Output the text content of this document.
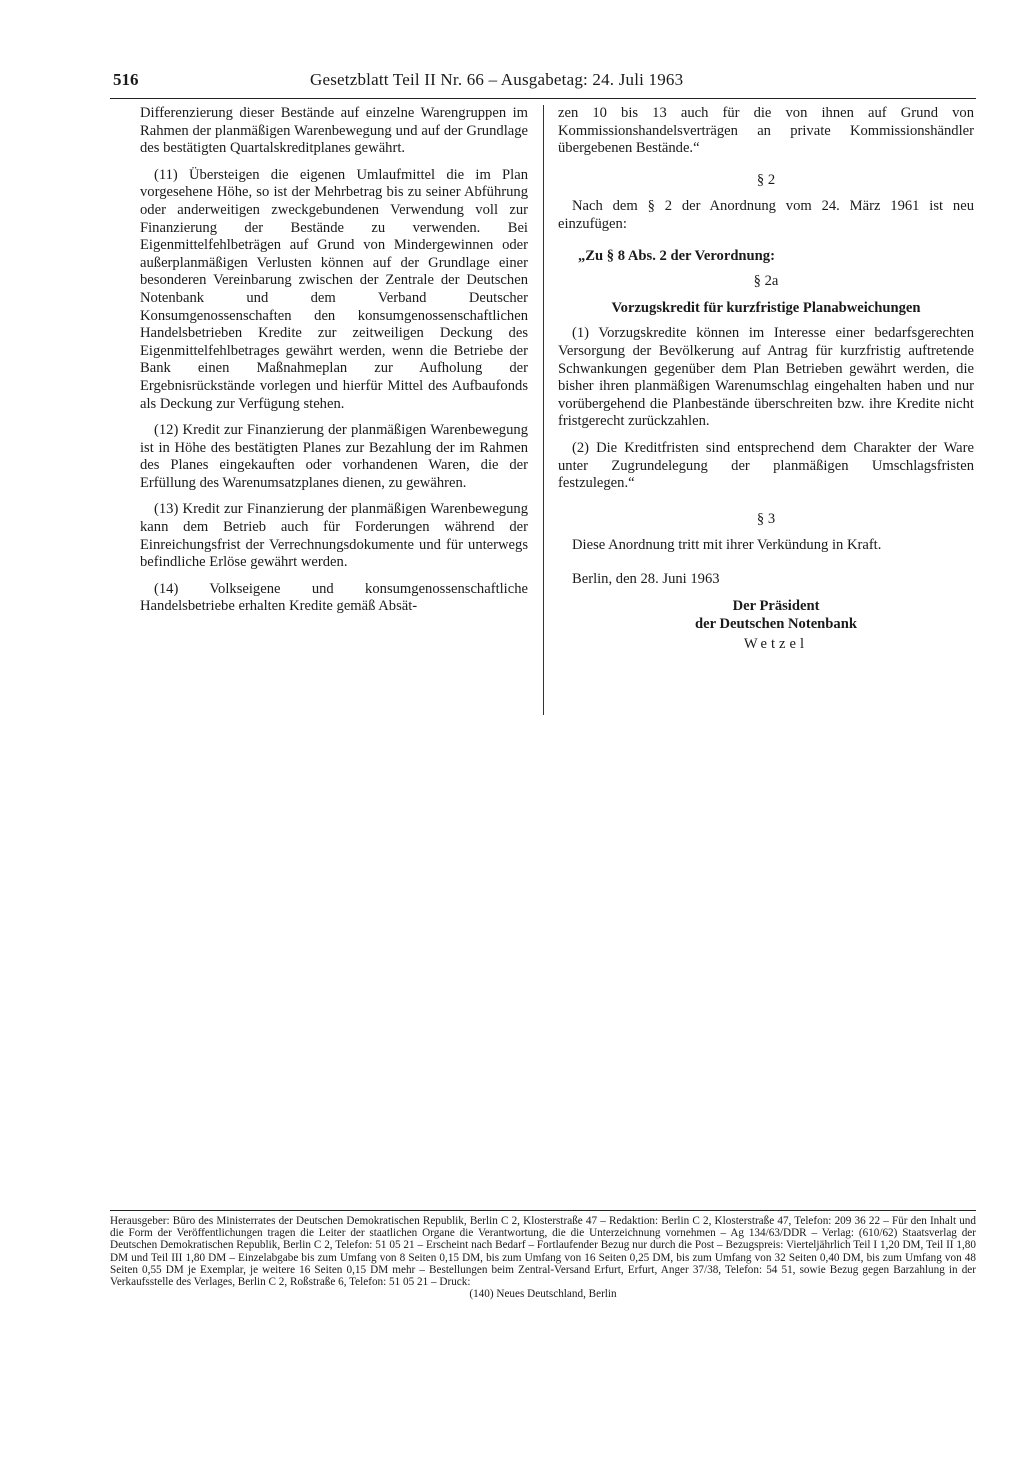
516	Gesetzblatt Teil II Nr. 66 – Ausgabetag: 24. Juli 1963

Differenzierung dieser Bestände auf einzelne Warengruppen im Rahmen der planmäßigen Warenbewegung und auf der Grundlage des bestätigten Quartalskreditplanes gewährt.

(11) Übersteigen die eigenen Umlaufmittel die im Plan vorgesehene Höhe, so ist der Mehrbetrag bis zu seiner Abführung oder anderweitigen zweckgebundenen Verwendung voll zur Finanzierung der Bestände zu verwenden. Bei Eigenmittelfehlbeträgen auf Grund von Mindergewinnen oder außerplanmäßigen Verlusten können auf der Grundlage einer besonderen Vereinbarung zwischen der Zentrale der Deutschen Notenbank und dem Verband Deutscher Konsumgenossenschaften den konsumgenossenschaftlichen Handelsbetrieben Kredite zur zeitweiligen Deckung des Eigenmittelfehlbetrages gewährt werden, wenn die Betriebe der Bank einen Maßnahmeplan zur Aufholung der Ergebnisrückstände vorlegen und hierfür Mittel des Aufbaufonds als Deckung zur Verfügung stehen.

(12) Kredit zur Finanzierung der planmäßigen Warenbewegung ist in Höhe des bestätigten Planes zur Bezahlung der im Rahmen des Planes eingekauften oder vorhandenen Waren, die der Erfüllung des Warenumsatzplanes dienen, zu gewähren.

(13) Kredit zur Finanzierung der planmäßigen Warenbewegung kann dem Betrieb auch für Forderungen während der Einreichungsfrist der Verrechnungsdokumente und für unterwegs befindliche Erlöse gewährt werden.

(14) Volkseigene und konsumgenossenschaftliche Handelsbetriebe erhalten Kredite gemäß Absät-

zen 10 bis 13 auch für die von ihnen auf Grund von Kommissionshandelsverträgen an private Kommissionshändler übergebenen Bestände.“

§ 2

Nach dem § 2 der Anordnung vom 24. März 1961 ist neu einzufügen:

„Zu § 8 Abs. 2 der Verordnung:
§ 2a
Vorzugskredit für kurzfristige Planabweichungen

(1) Vorzugskredite können im Interesse einer bedarfsgerechten Versorgung der Bevölkerung auf Antrag für kurzfristig auftretende Schwankungen gegenüber dem Plan Betrieben gewährt werden, die bisher ihren planmäßigen Warenumschlag eingehalten haben und nur vorübergehend die Planbestände überschreiten bzw. ihre Kredite nicht fristgerecht zurückzahlen.

(2) Die Kreditfristen sind entsprechend dem Charakter der Ware unter Zugrundelegung der planmäßigen Umschlagsfristen festzulegen.“

§ 3

Diese Anordnung tritt mit ihrer Verkündung in Kraft.

Berlin, den 28. Juni 1963

Der Präsident
der Deutschen Notenbank
Wetzel
Herausgeber: Büro des Ministerrates der Deutschen Demokratischen Republik, Berlin C 2, Klosterstraße 47 – Redaktion: Berlin C 2, Klosterstraße 47, Telefon: 209 36 22 – Für den Inhalt und die Form der Veröffentlichungen tragen die Leiter der staatlichen Organe die Verantwortung, die die Unterzeichnung vornehmen – Ag 134/63/DDR – Verlag: (610/62) Staatsverlag der Deutschen Demokratischen Republik, Berlin C 2, Telefon: 51 05 21 – Erscheint nach Bedarf – Fortlaufender Bezug nur durch die Post – Bezugspreis: Vierteljährlich Teil I 1,20 DM, Teil II 1,80 DM und Teil III 1,80 DM – Einzelabgabe bis zum Umfang von 8 Seiten 0,15 DM, bis zum Umfang von 16 Seiten 0,25 DM, bis zum Umfang von 32 Seiten 0,40 DM, bis zum Umfang von 48 Seiten 0,55 DM je Exemplar, je weitere 16 Seiten 0,15 DM mehr – Bestellungen beim Zentral-Versand Erfurt, Erfurt, Anger 37/38, Telefon: 54 51, sowie Bezug gegen Barzahlung in der Verkaufsstelle des Verlages, Berlin C 2, Roßstraße 6, Telefon: 51 05 21 – Druck:
(140) Neues Deutschland, Berlin
